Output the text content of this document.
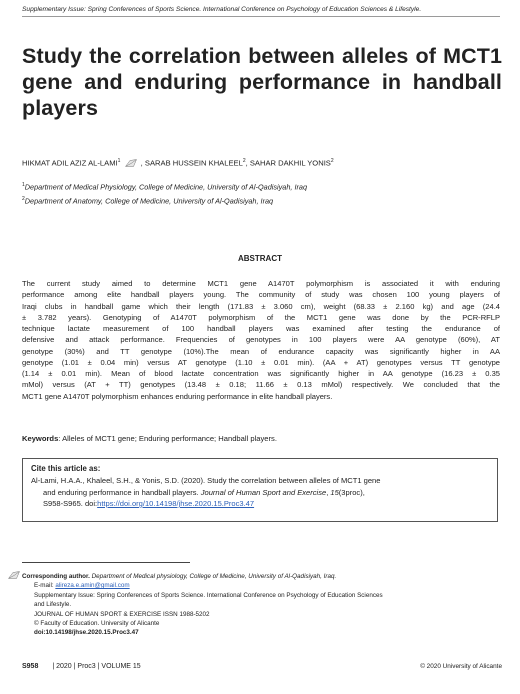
Supplementary Issue: Spring Conferences of Sports Science. International Conference on Psychology of Education Sciences & Lifestyle.
Study the correlation between alleles of MCT1
gene and enduring performance in handball
players
HIKMAT ADIL AZIZ AL-LAMI$^1$  , SARAB HUSSEIN KHALEEL$^2$, SAHAR DAKHIL YONIS$^2$
$^1$Department of Medical Physiology, College of Medicine, University of Al-Qadisiyah, Iraq
$^2$Department of Anatomy, College of Medicine, University of Al-Qadisiyah, Iraq
ABSTRACT
The current study aimed to determine MCT1 gene A1470T polymorphism is associated it with enduring
performance among elite handball players young. The community of study was chosen 100 young players of
Iraqi clubs in handball game which their length (171.83 ± 3.060 cm), weight (68.33 ± 2.160 kg) and age (24.4
± 3.782 years). Genotyping of A1470T polymorphism of the MCT1 gene was done by the PCR-RFLP
technique lactate measurement of 100 handball players was examined after testing the endurance of
defensive and attack performance. Frequencies of genotypes in 100 players were AA genotype (60%), AT
genotype (30%) and TT genotype (10%).The mean of endurance capacity was significantly higher in AA
genotype (1.01 ± 0.04 min) versus AT genotype (1.10 ± 0.01 min). (AA + AT) genotypes versus TT genotype
(1.14 ± 0.01 min). Mean of blood lactate concentration was significantly higher in AA genotype (16.23 ± 0.35
mMol) versus (AT + TT) genotypes (13.48 ± 0.18; 11.66 ± 0.13 mMol) respectively. We concluded that the
MCT1 gene A1470T polymorphism enhances enduring performance in elite handball players.
Keywords: Alleles of MCT1 gene; Enduring performance; Handball players.
Cite this article as:
Al-Lami, H.A.A., Khaleel, S.H., & Yonis, S.D. (2020). Study the correlation between alleles of MCT1 gene
and enduring performance in handball players. Journal of Human Sport and Exercise, 15(3proc),
S958-S965. doi:https://doi.org/10.14198/jhse.2020.15.Proc3.47
Corresponding author. Department of Medical physiology, College of Medicine, University of Al-Qadisiyah, Iraq.
E-mail: alireza.e.amin@gmail.com
Supplementary Issue: Spring Conferences of Sports Science. International Conference on Psychology of Education Sciences
and Lifestyle.
JOURNAL OF HUMAN SPORT & EXERCISE ISSN 1988-5202
© Faculty of Education. University of Alicante
doi:10.14198/jhse.2020.15.Proc3.47
S958 | 2020 | Proc3 | VOLUME 15	© 2020 University of Alicante
